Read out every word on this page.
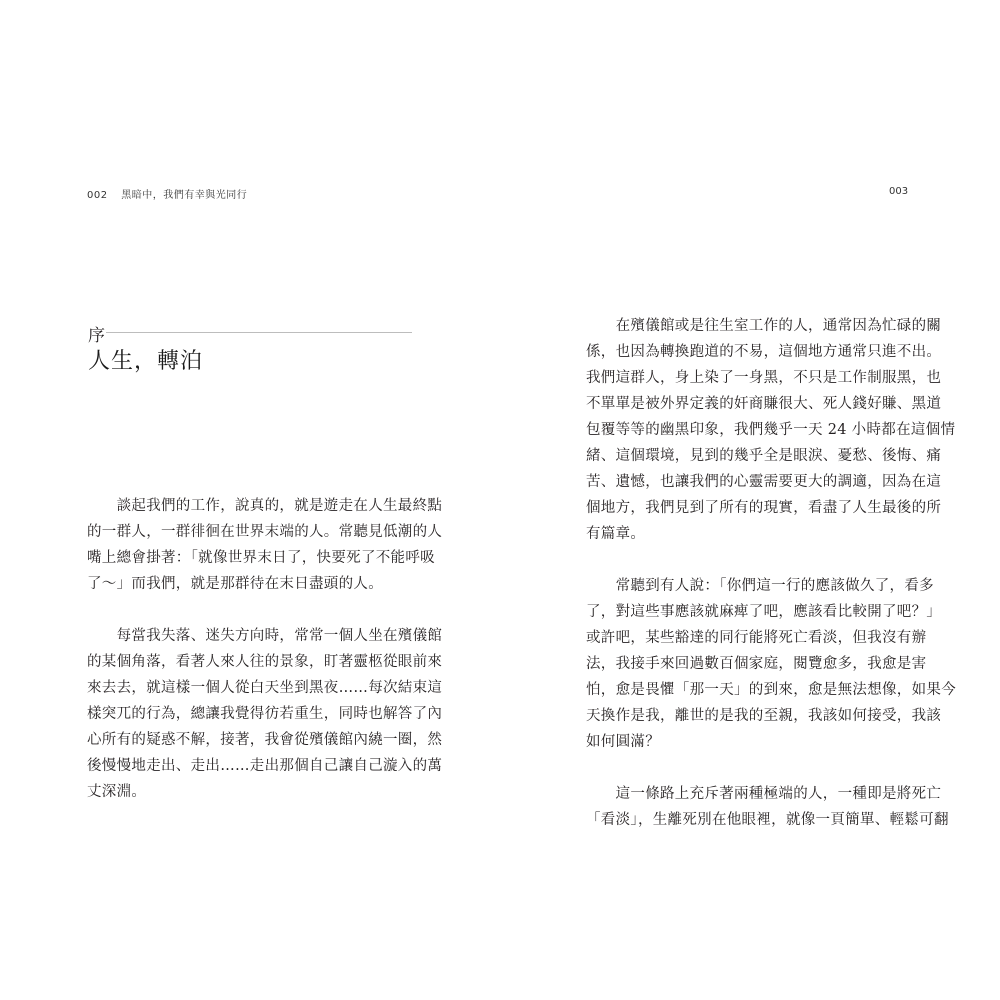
002 黑暗中，我們有幸與光同行	003
序
人生，轉泊
　　談起我們的工作，說真的，就是遊走在人生最終點
的一群人，一群徘徊在世界末端的人。常聽見低潮的人
嘴上總會掛著：「就像世界末日了，快要死了不能呼吸
了～」而我們，就是那群待在末日盡頭的人。
　　每當我失落、迷失方向時，常常一個人坐在殯儀館
的某個角落，看著人來人往的景象，盯著靈柩從眼前來
來去去，就這樣一個人從白天坐到黑夜……每次結束這
樣突兀的行為，總讓我覺得彷若重生，同時也解答了內
心所有的疑惑不解，接著，我會從殯儀館內繞一圈，然
後慢慢地走出、走出……走出那個自己讓自己漩入的萬
丈深淵。
　　在殯儀館或是往生室工作的人，通常因為忙碌的關
係，也因為轉換跑道的不易，這個地方通常只進不出。
我們這群人，身上染了一身黑，不只是工作制服黑，也
不單單是被外界定義的奸商賺很大、死人錢好賺、黑道
包覆等等的幽黑印象，我們幾乎一天 24 小時都在這個情
緒、這個環境，見到的幾乎全是眼淚、憂愁、後悔、痛
苦、遺憾，也讓我們的心靈需要更大的調適，因為在這
個地方，我們見到了所有的現實，看盡了人生最後的所
有篇章。
　　常聽到有人說：「你們這一行的應該做久了，看多
了，對這些事應該就麻痺了吧，應該看比較開了吧？」
或許吧，某些豁達的同行能將死亡看淡，但我沒有辦
法，我接手來回過數百個家庭，閱覽愈多，我愈是害
怕，愈是畏懼「那一天」的到來，愈是無法想像，如果今
天換作是我，離世的是我的至親，我該如何接受，我該
如何圓滿？
　　這一條路上充斥著兩種極端的人，一種即是將死亡
「看淡」，生離死別在他眼裡，就像一頁簡單、輕鬆可翻
